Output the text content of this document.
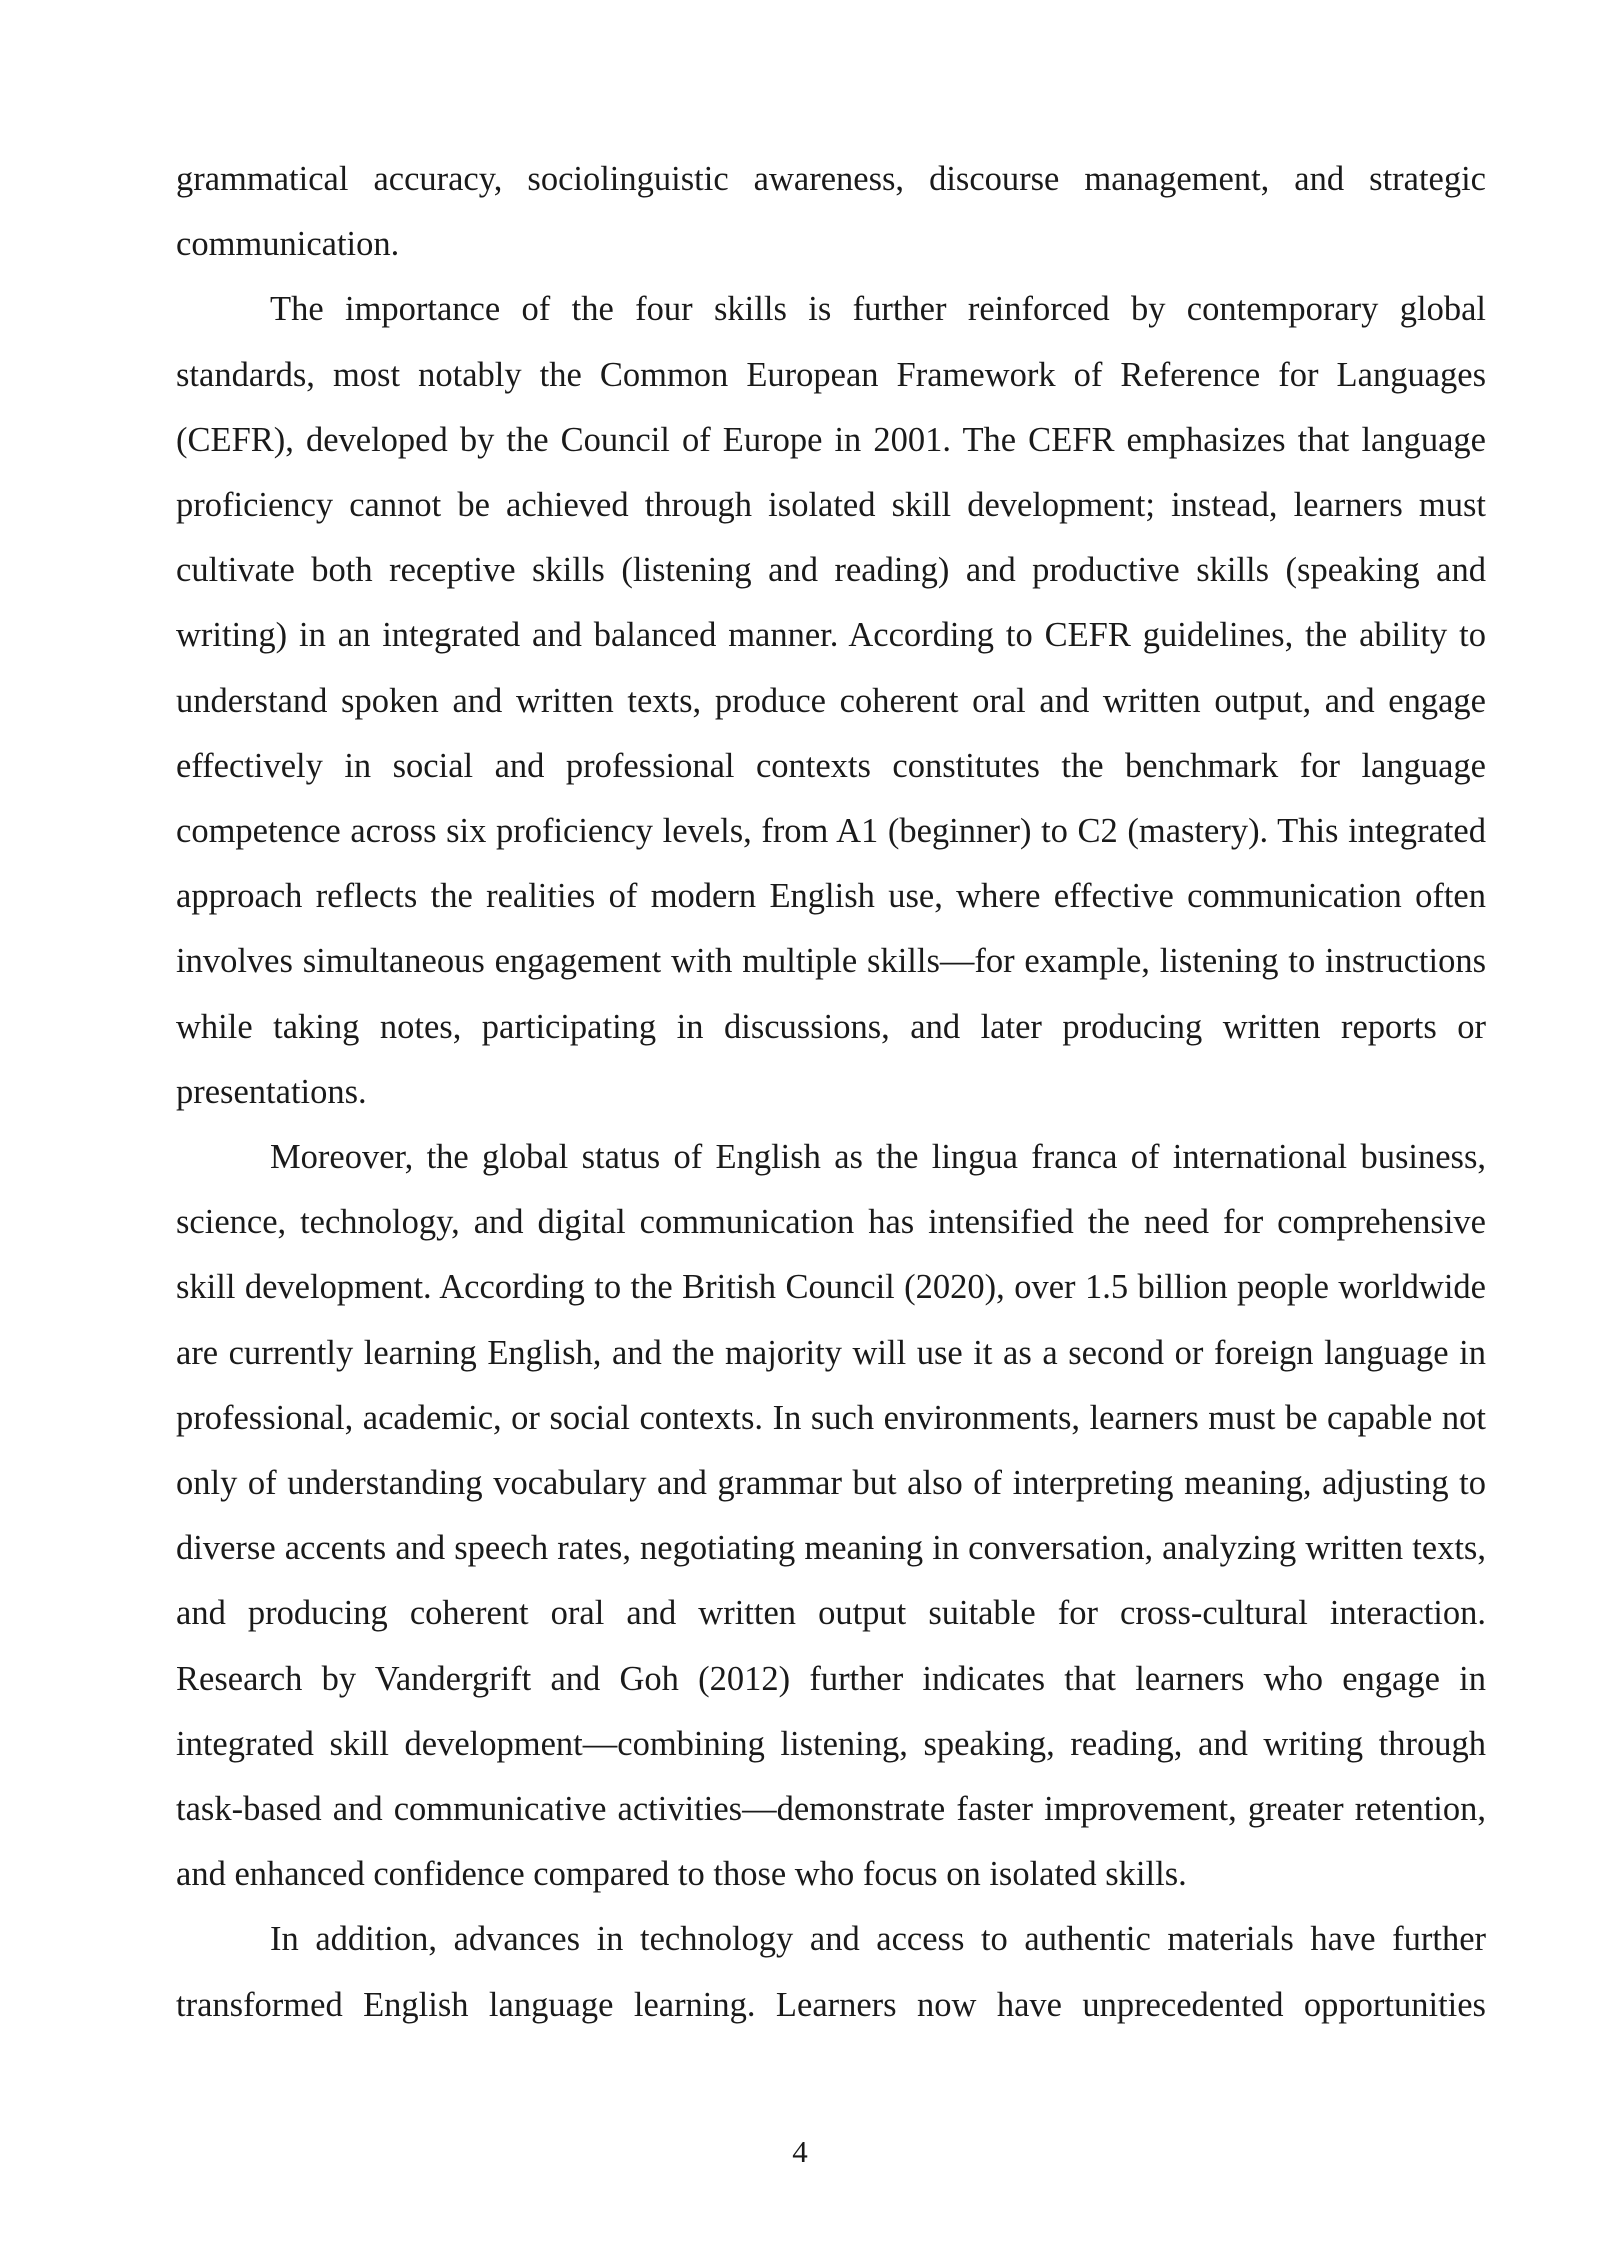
grammatical accuracy, sociolinguistic awareness, discourse management, and strategic communication.

The importance of the four skills is further reinforced by contemporary global standards, most notably the Common European Framework of Reference for Languages (CEFR), developed by the Council of Europe in 2001. The CEFR emphasizes that language proficiency cannot be achieved through isolated skill development; instead, learners must cultivate both receptive skills (listening and reading) and productive skills (speaking and writing) in an integrated and balanced manner. According to CEFR guidelines, the ability to understand spoken and written texts, produce coherent oral and written output, and engage effectively in social and professional contexts constitutes the benchmark for language competence across six proficiency levels, from A1 (beginner) to C2 (mastery). This integrated approach reflects the realities of modern English use, where effective communication often involves simultaneous engagement with multiple skills—for example, listening to instructions while taking notes, participating in discussions, and later producing written reports or presentations.

Moreover, the global status of English as the lingua franca of international business, science, technology, and digital communication has intensified the need for comprehensive skill development. According to the British Council (2020), over 1.5 billion people worldwide are currently learning English, and the majority will use it as a second or foreign language in professional, academic, or social contexts. In such environments, learners must be capable not only of understanding vocabulary and grammar but also of interpreting meaning, adjusting to diverse accents and speech rates, negotiating meaning in conversation, analyzing written texts, and producing coherent oral and written output suitable for cross-cultural interaction. Research by Vandergrift and Goh (2012) further indicates that learners who engage in integrated skill development—combining listening, speaking, reading, and writing through task-based and communicative activities—demonstrate faster improvement, greater retention, and enhanced confidence compared to those who focus on isolated skills.

In addition, advances in technology and access to authentic materials have further transformed English language learning. Learners now have unprecedented opportunities

4
